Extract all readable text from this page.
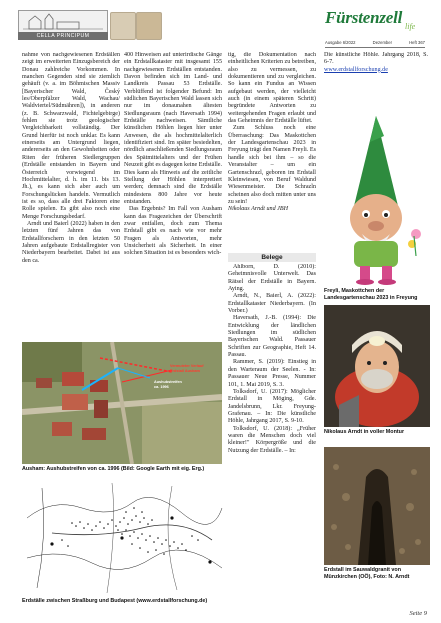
CELLA PRINCIPUM
Fürstenzell life
Ausgabe 6/2022	Dezember	Heft 367

nahme von nachgewiesenen Erdställen zeigt im erweiterten Einzugsbereich der Donau zahlreiche Vorkommen. In manchen Gegenden sind sie ziemlich gehäuft (v. a. im Böhmischen Massiv [Bayerischer Wald, Český les/Oberpfälzer Wald, Wachau/ Waldviertel/Südmähren]), in anderen (z. B. Schwarzwald, Fichtelgebirge) fehlen sie trotz geologischer Vergleichbarkeit vollständig. Der Grund hierfür ist noch unklar. Es kann einerseits am Untergrund liegen, andererseits an den Gewohnheiten oder Riten der früheren Siedlergruppen (Erdställe entstanden in Bayern und Österreich vorwiegend im Hochmittelalter, d. h. im 11. bis 13. Jh.), es kann sich aber auch um Forschungslücken handeln. Vermutlich ist es so, dass alle drei Faktoren eine Rolle spielen. Es gibt also noch eine Menge Forschungsbedarf.

Arndt und Baierl (2022) haben in den letzten fünf Jahren das von Erdstallforschern in den letzten 50 Jahren aufgebaute Erdstallregister von Niederbayern bearbeitet. Dabei ist aus den ca.

400 Hinweisen auf unterirdische Gänge ein Erdstallkataster mit insgesamt 155 nachgewiesenen Erdställen entstanden. Davon befinden sich im Land- und Landkreis Passau 53 Erdställe. Verblüffend ist folgender Befund: Im südlichen Bayerischen Wald lassen sich nur im donaunahen ältesten Siedlungsraum (nach Haversath 1994) Erdställe nachweisen. Sämtliche künstlichen Höhlen liegen hier unter Anwesen, die als hochmittelalterlich identifiziert sind. Im später besiedelten, nördlich anschließenden Siedlungsraum des Spätmittelalters und der Frühen Neuzeit gibt es dagegen keine Erdställe. Dies kann als Hinweis auf die zeitliche Stellung der Höhlen interpretiert werden; demnach sind die Erdställe mindestens 800 Jahre vor heute entstanden.

Das Ergebnis? Im Fall von Ausham kann das Fragezeichen der Überschrift zwar entfallen, doch zum Thema Erdstall gibt es nach wie vor mehr Fragen als Antworten, mehr Unsicherheit als Sicherheit. In einer solchen Situation ist es besonders wich-

tig, die Dokumentation nach einheitlichen Kriterien zu betreiben, also zu vermessen, zu dokumentieren und zu vergleichen. So kann ein Fundus an Wissen aufgebaut werden, der vielleicht auch (in einem späteren Schritt) begründete Antworten zu weitergehenden Fragen erlaubt und das Geheimnis der Erdställe lüftet.

Zum Schluss noch eine Überraschung: Das Maskottchen der Landesgartenschau 2023 in Freyung trägt den Namen Freyli. Es handle sich bei ihm – so die Veranstalter – um ein Gartenschrazl, geboren im Erdstall Kleinwiesen, von Beruf Waldund Wiesenmeister. Die Schrazln scheinen also doch mitten unter uns zu sein!

Nikolaus Arndt und JBH

Die künstliche Höhle. Jahrgang 2018, S. 6-7.

www.erdstallforschung.de

Belege

Ahlborn, D. (2010): Geheimnisvolle Unterwelt. Das Rätsel der Erdställe in Bayern. Aying.

Arndt, N., Baierl, A. (2022): Erdstallkataster Niederbayern. (In Vorber.)

Haversath, J.-B. (1994): Die Entwicklung der ländlichen Siedlungen im südlichen Bayerischen Wald. Passauer Schriften zur Geographie, Heft 14. Passau.

Rammer, S. (2019): Einstieg in den Warteraum der Seelen. - In: Passauer Neue Presse, Nummer 101, 1. Mai 2019, S. 3.

Tolksdorf, U. (2017): Möglicher Erdstall in Möging, Gde. Jandelsbrunn, Lkr. Freyung-Grafenau. – In: Die künstliche Höhle, Jahrgang 2017, S. 9-10.

Tolksdorf, U. (2018): „Früher waren die Menschen doch viel kleiner!" Körpergröße und die Nutzung der Erdställe. – In:

Vermuteter Verlauf
Erdstall Ausham
Aushubstreifen
ca. 1996
Ausham: Aushubstreifen von ca. 1996 (Bild: Google Earth mit eig. Erg.)
Erdställe zwischen Straßburg und Budapest (www.erdstallforschung.de)
Freyli, Maskottchen der Landesgartenschau 2023 in Freyung
Nikolaus Arndt in voller Montur
Erdstall im Sauwaldgranit von Münzkirchen (OÖ), Foto: N. Arndt
Seite 9
